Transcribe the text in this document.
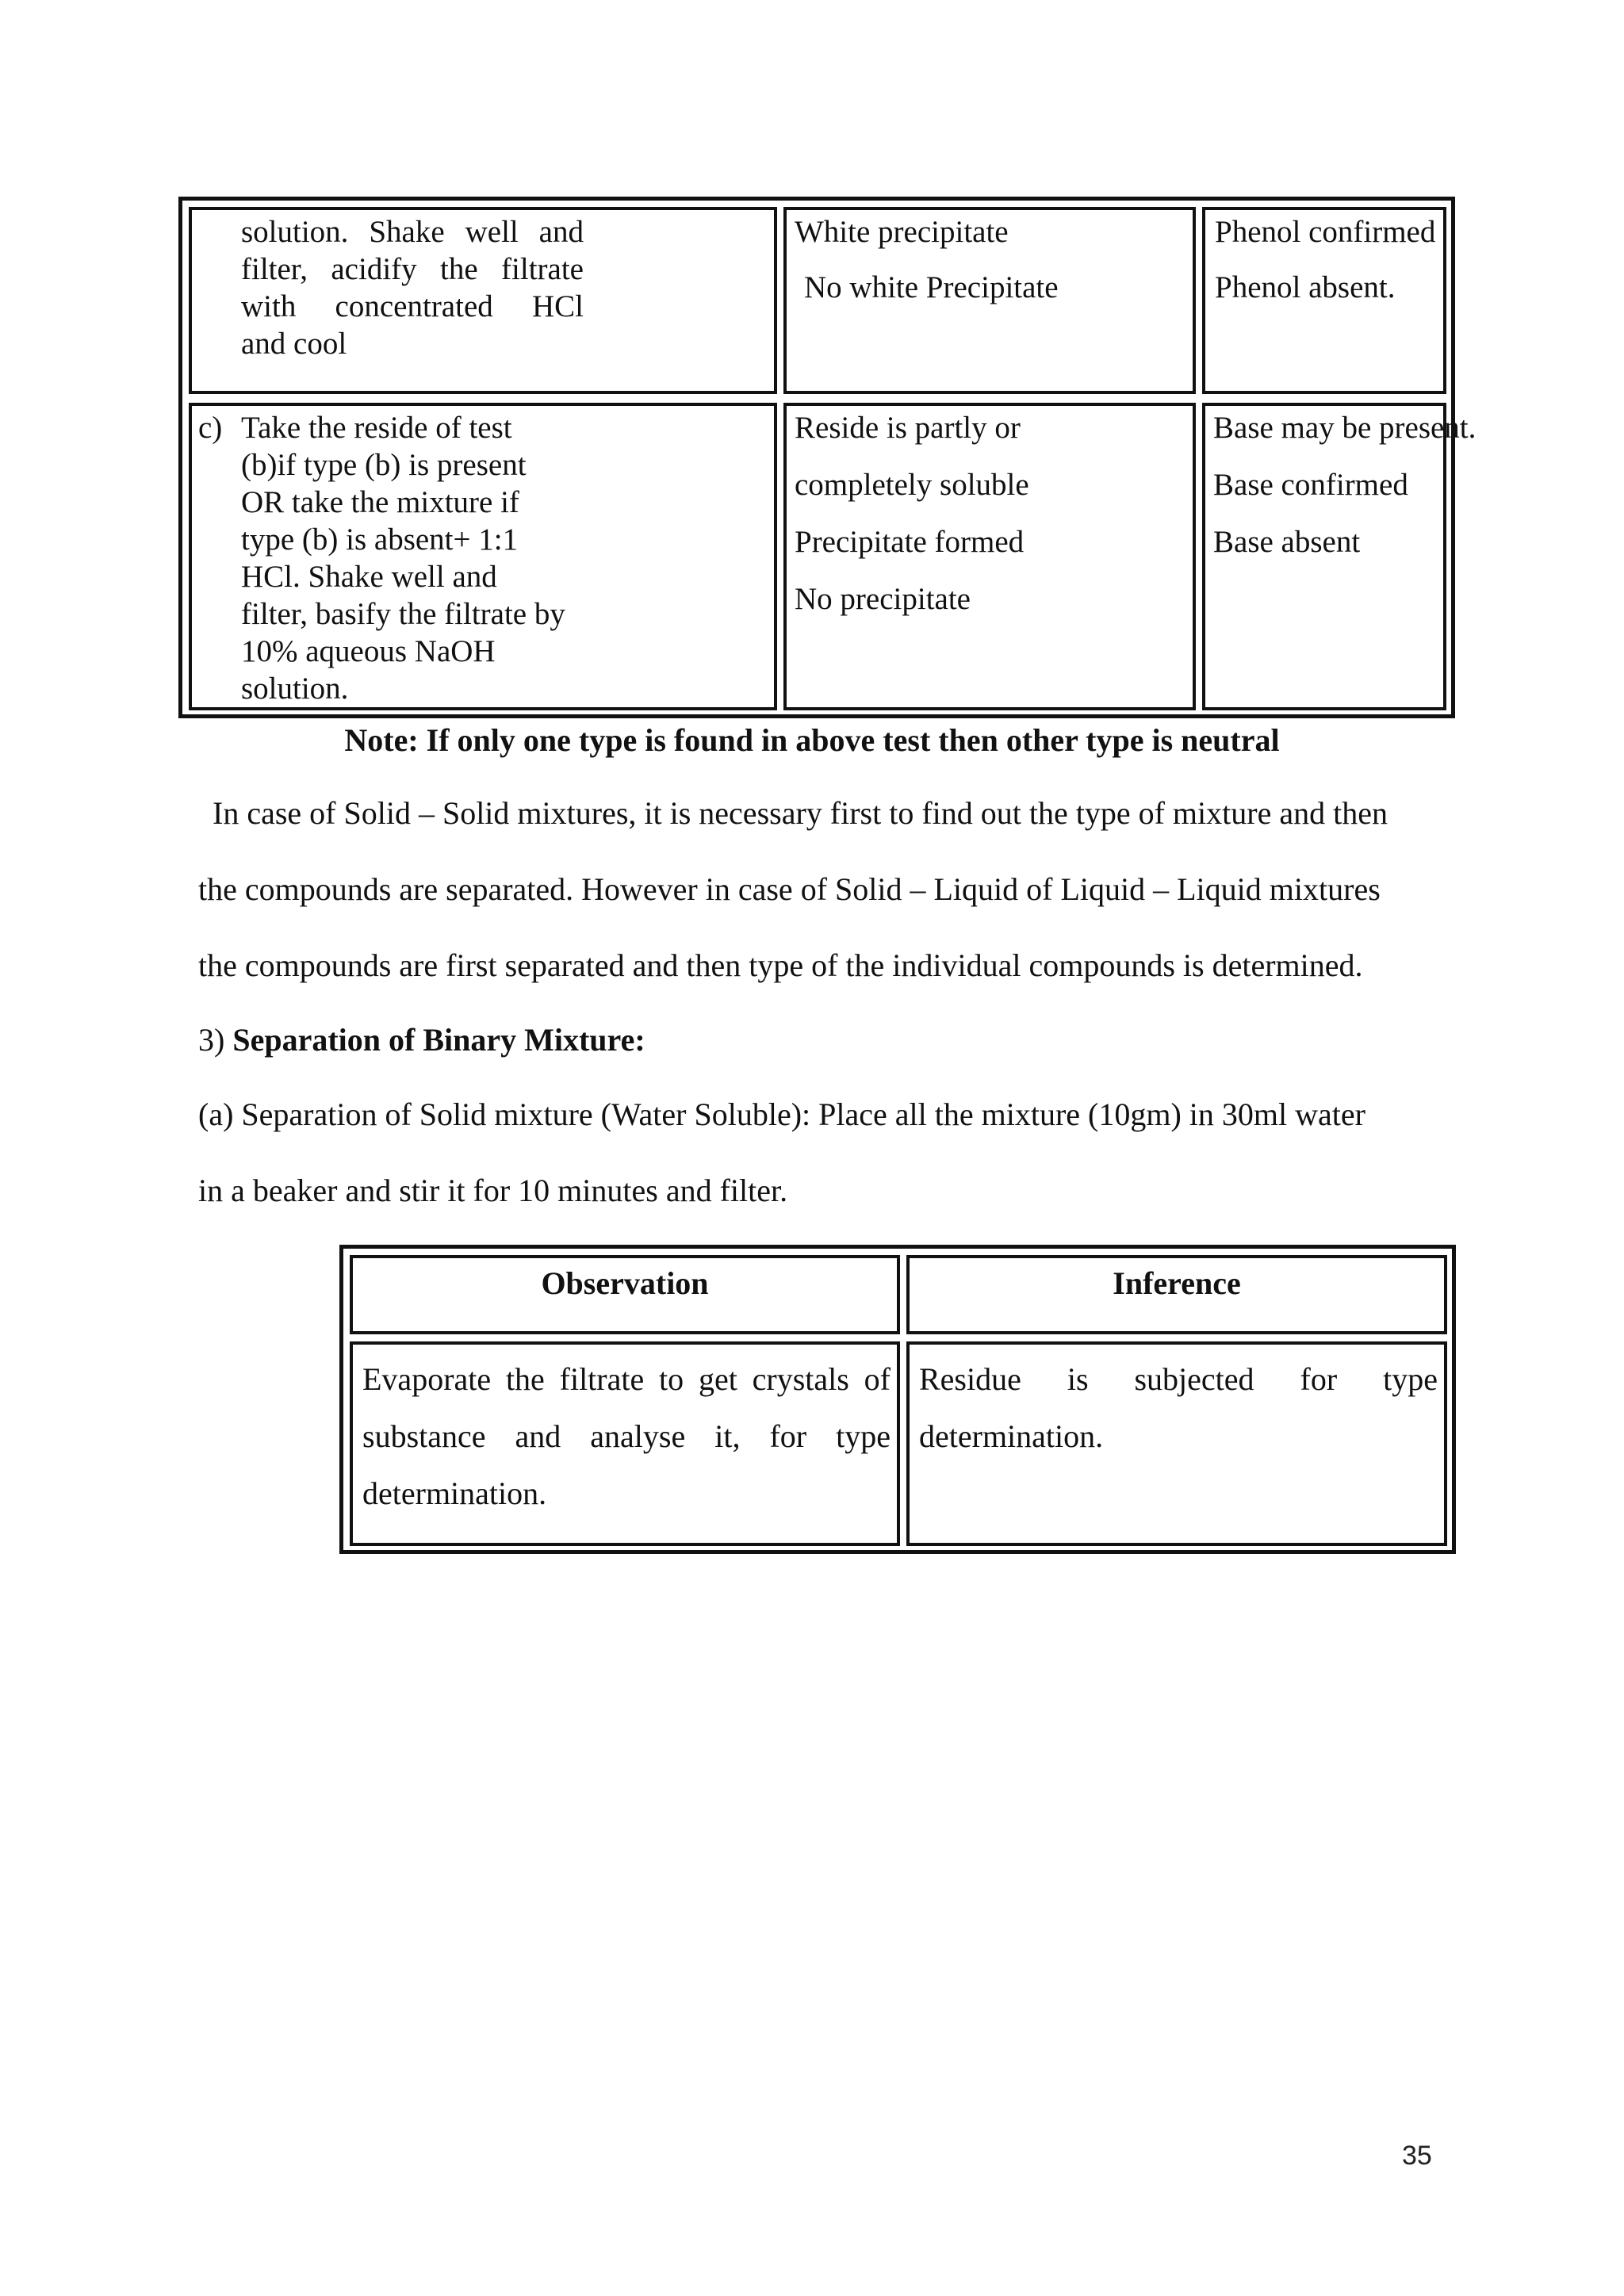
solution. Shake well and
filter, acidify the filtrate
with concentrated HCl
and cool
White precipitate
No white Precipitate
Phenol confirmed
Phenol absent.
c) Take the reside of test
(b)if type (b) is present
OR take the mixture if
type (b) is absent+ 1:1
HCl. Shake well and
filter, basify the filtrate by
10% aqueous NaOH
solution.
Reside is partly or
completely soluble
Precipitate formed
No precipitate
Base may be present.
Base confirmed
Base absent
Note: If only one type is found in above test then other type is neutral
In case of Solid – Solid mixtures, it is necessary first to find out the type of mixture and then
the compounds are separated. However in case of Solid – Liquid of Liquid – Liquid mixtures
the compounds are first separated and then type of the individual compounds is determined.
3) Separation of Binary Mixture:
(a) Separation of Solid mixture (Water Soluble): Place all the mixture (10gm) in 30ml water
in a beaker and stir it for 10 minutes and filter.
Observation	Inference
Evaporate the filtrate to get crystals of
substance and analyse it, for type
determination.
Residue is subjected for type
determination.
35
